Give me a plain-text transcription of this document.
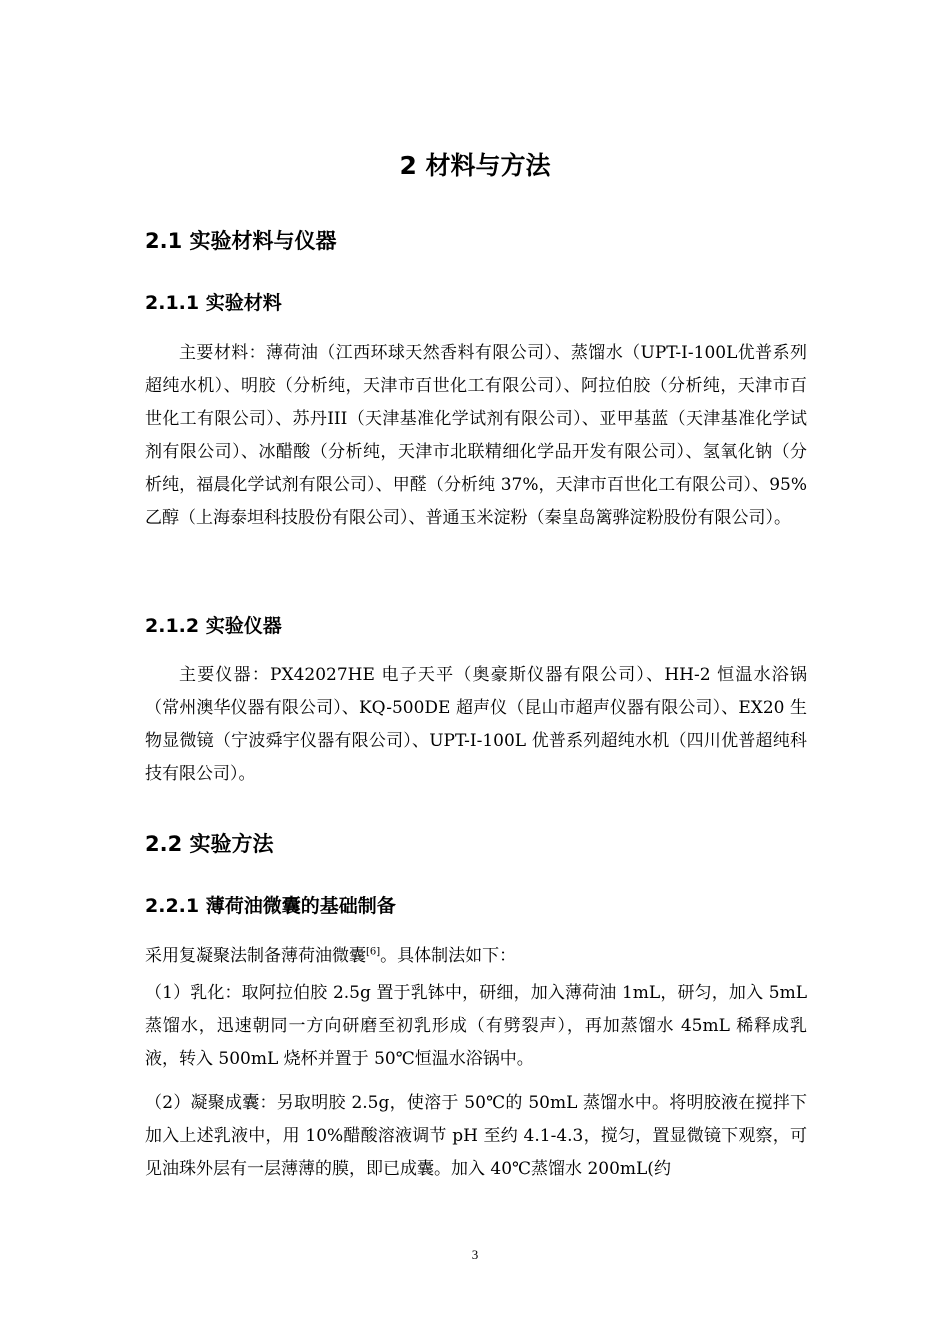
2 材料与方法
2.1 实验材料与仪器
2.1.1 实验材料

主要材料：薄荷油（江西环球天然香料有限公司）、蒸馏水（UPT-I-100L优普系列超纯水机）、明胶（分析纯，天津市百世化工有限公司）、阿拉伯胶（分析纯，天津市百世化工有限公司）、苏丹III（天津基准化学试剂有限公司）、亚甲基蓝（天津基准化学试剂有限公司）、冰醋酸（分析纯，天津市北联精细化学品开发有限公司）、氢氧化钠（分析纯，福晨化学试剂有限公司）、甲醛（分析纯 37%，天津市百世化工有限公司）、95%乙醇（上海泰坦科技股份有限公司）、普通玉米淀粉（秦皇岛篱骅淀粉股份有限公司）。

2.1.2 实验仪器

主要仪器：PX42027HE 电子天平（奥豪斯仪器有限公司）、HH-2 恒温水浴锅（常州澳华仪器有限公司）、KQ-500DE 超声仪（昆山市超声仪器有限公司）、EX20 生物显微镜（宁波舜宇仪器有限公司）、UPT-I-100L 优普系列超纯水机（四川优普超纯科技有限公司）。

2.2 实验方法
2.2.1 薄荷油微囊的基础制备

采用复凝聚法制备薄荷油微囊[6]。具体制法如下：

（1）乳化：取阿拉伯胶 2.5g 置于乳钵中，研细，加入薄荷油 1mL，研匀，加入 5mL 蒸馏水，迅速朝同一方向研磨至初乳形成（有劈裂声），再加蒸馏水 45mL 稀释成乳液，转入 500mL 烧杯并置于 50℃恒温水浴锅中。

（2）凝聚成囊：另取明胶 2.5g，使溶于 50℃的 50mL 蒸馏水中。将明胶液在搅拌下加入上述乳液中，用 10%醋酸溶液调节 pH 至约 4.1-4.3，搅匀，置显微镜下观察，可见油珠外层有一层薄薄的膜，即已成囊。加入 40℃蒸馏水 200mL(约

3
